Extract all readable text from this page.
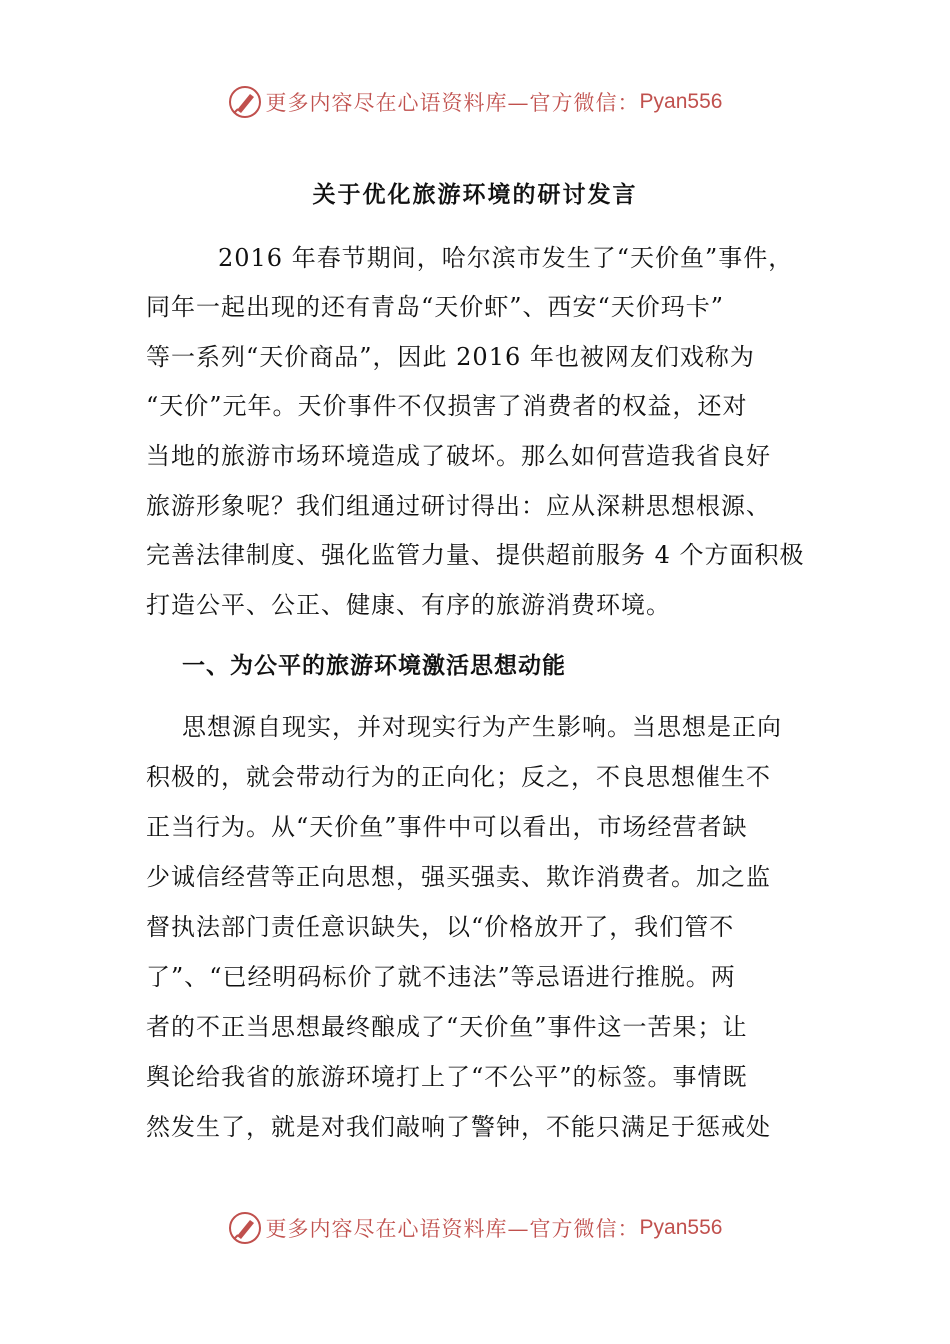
更多内容尽在心语资料库—官方微信： Pyan556
关于优化旅游环境的研讨发言
2016 年春节期间，哈尔滨市发生了“天价鱼”事件，
同年一起出现的还有青岛“天价虾”、西安“天价玛卡”
等一系列“天价商品”，因此 2016 年也被网友们戏称为
“天价”元年。天价事件不仅损害了消费者的权益，还对
当地的旅游市场环境造成了破坏。那么如何营造我省良好
旅游形象呢？我们组通过研讨得出：应从深耕思想根源、
完善法律制度、强化监管力量、提供超前服务 4 个方面积极
打造公平、公正、健康、有序的旅游消费环境。
一、为公平的旅游环境激活思想动能
思想源自现实，并对现实行为产生影响。当思想是正向
积极的，就会带动行为的正向化；反之，不良思想催生不
正当行为。从“天价鱼”事件中可以看出，市场经营者缺
少诚信经营等正向思想，强买强卖、欺诈消费者。加之监
督执法部门责任意识缺失，以“价格放开了，我们管不
了”、“已经明码标价了就不违法”等忌语进行推脱。两
者的不正当思想最终酿成了“天价鱼”事件这一苦果；让
舆论给我省的旅游环境打上了“不公平”的标签。事情既
然发生了，就是对我们敲响了警钟，不能只满足于惩戒处
更多内容尽在心语资料库—官方微信： Pyan556
